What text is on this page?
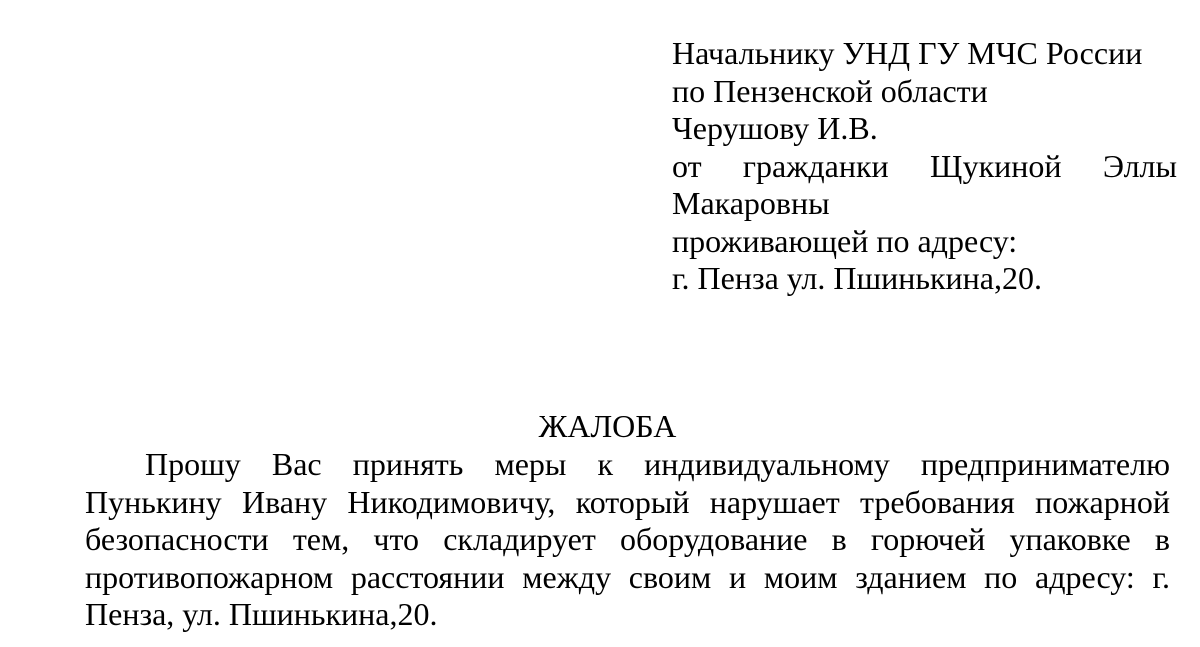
Начальнику УНД ГУ МЧС России
по Пензенской области
Черушову И.В.
от гражданки Щукиной Эллы
Макаровны
проживающей по адресу:
г. Пенза ул. Пшинькина,20.
ЖАЛОБА
Прошу Вас принять меры к индивидуальному предпринимателю
Пунькину Ивану Никодимовичу, который нарушает требования пожарной
безопасности тем, что складирует оборудование в горючей упаковке в
противопожарном расстоянии между своим и моим зданием по адресу: г.
Пенза, ул. Пшинькина,20.
